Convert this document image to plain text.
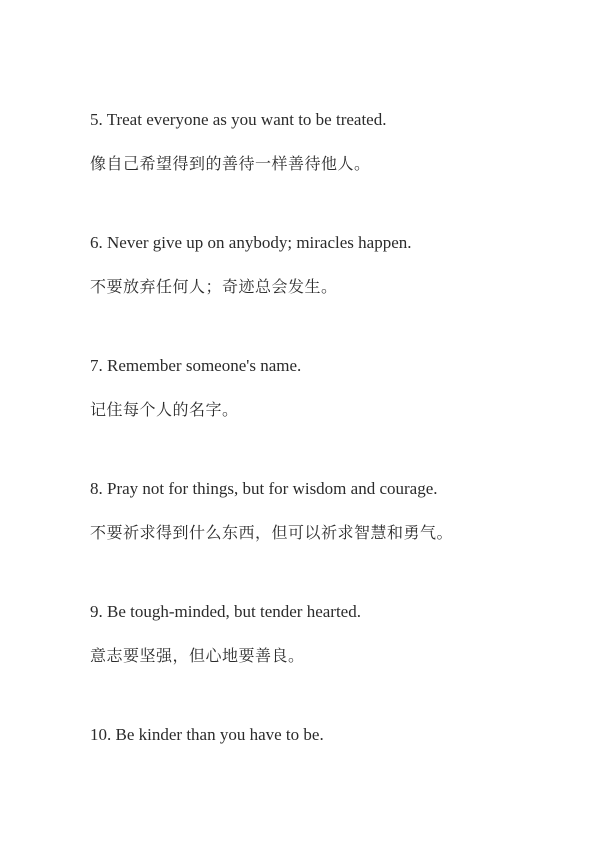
5. Treat everyone as you want to be treated.

像自己希望得到的善待一样善待他人。

6. Never give up on anybody; miracles happen.

不要放弃任何人；奇迹总会发生。

7. Remember someone's name.

记住每个人的名字。

8. Pray not for things, but for wisdom and courage.

不要祈求得到什么东西，但可以祈求智慧和勇气。

9. Be tough-minded, but tender hearted.

意志要坚强，但心地要善良。

10. Be kinder than you have to be.
